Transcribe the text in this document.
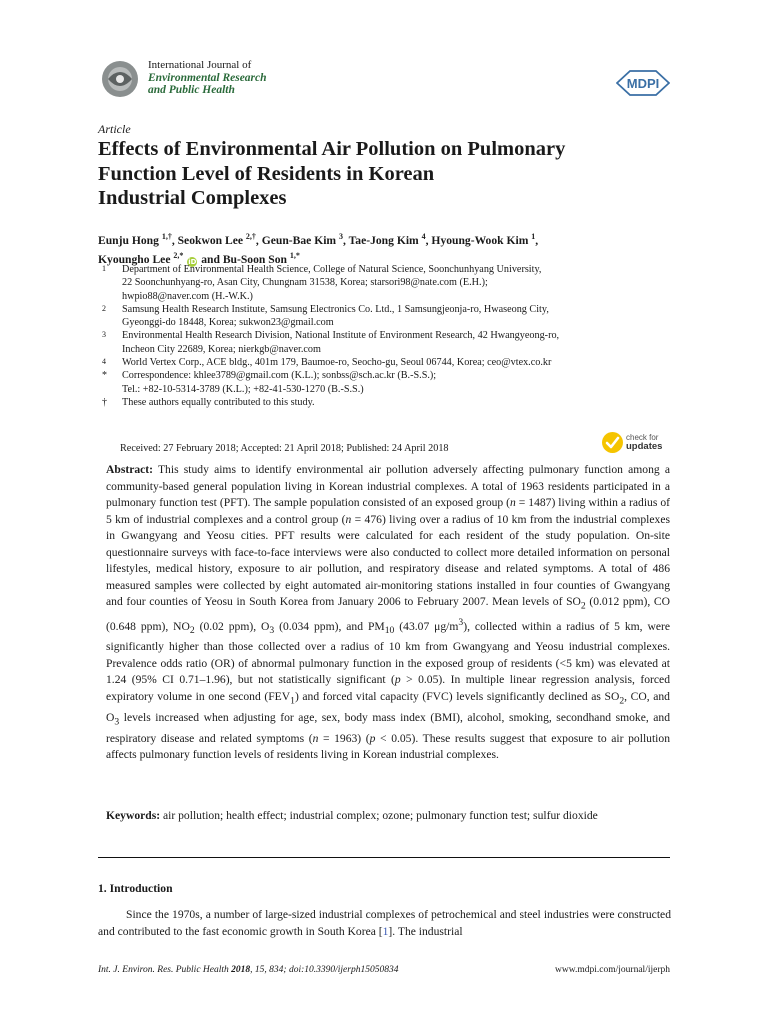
International Journal of
Environmental Research
and Public Health	MDPI
Article
Effects of Environmental Air Pollution on Pulmonary
Function Level of Residents in Korean
Industrial Complexes
Eunju Hong $^{1,\dagger}$, Seokwon Lee $^{2,\dagger}$, Geun-Bae Kim $^3$, Tae-Jong Kim $^4$, Hyoung-Wook Kim $^1$,
Kyoungho Lee $^{2,*}$ iD and Bu-Soon Son $^{1,*}$
1 Department of Environmental Health Science, College of Natural Science, Soonchunhyang University,
22 Soonchunhyang-ro, Asan City, Chungnam 31538, Korea; starsori98@nate.com (E.H.);
hwpio88@naver.com (H.-W.K.)
2 Samsung Health Research Institute, Samsung Electronics Co. Ltd., 1 Samsungjeonja-ro, Hwaseong City,
Gyeonggi-do 18448, Korea; sukwon23@gmail.com
3 Environmental Health Research Division, National Institute of Environment Research, 42 Hwangyeong-ro,
Incheon City 22689, Korea; nierkgb@naver.com
4 World Vertex Corp., ACE bldg., 401m 179, Baumoe-ro, Seocho-gu, Seoul 06744, Korea; ceo@vtex.co.kr
* Correspondence: khlee3789@gmail.com (K.L.); sonbss@sch.ac.kr (B.-S.S.);
Tel.: +82-10-5314-3789 (K.L.); +82-41-530-1270 (B.-S.S.)
† These authors equally contributed to this study.
Received: 27 February 2018; Accepted: 21 April 2018; Published: 24 April 2018
check for
updates
Abstract: This study aims to identify environmental air pollution adversely affecting pulmonary function among a community-based general population living in Korean industrial complexes. A total of 1963 residents participated in a pulmonary function test (PFT). The sample population consisted of an exposed group (n = 1487) living within a radius of 5 km of industrial complexes and a control group (n = 476) living over a radius of 10 km from the industrial complexes in Gwangyang and Yeosu cities. PFT results were calculated for each resident of the study population. On-site questionnaire surveys with face-to-face interviews were also conducted to collect more detailed information on personal lifestyles, medical history, exposure to air pollution, and respiratory disease and related symptoms. A total of 486 measured samples were collected by eight automated air-monitoring stations installed in four counties of Gwangyang and four counties of Yeosu in South Korea from January 2006 to February 2007. Mean levels of $SO_2$ (0.012 ppm), CO (0.648 ppm), $NO_2$ (0.02 ppm), $O_3$ (0.034 ppm), and $PM_{10}$ (43.07 $\mu g/m^3$), collected within a radius of 5 km, were significantly higher than those collected over a radius of 10 km from Gwangyang and Yeosu industrial complexes. Prevalence odds ratio (OR) of abnormal pulmonary function in the exposed group of residents (<5 km) was elevated at 1.24 (95% CI 0.71–1.96), but not statistically significant (p > 0.05). In multiple linear regression analysis, forced expiratory volume in one second $(FEV_1)$ and forced vital capacity (FVC) levels significantly declined as $SO_2$, CO, and $O_3$ levels increased when adjusting for age, sex, body mass index (BMI), alcohol, smoking, secondhand smoke, and respiratory disease and related symptoms (n = 1963) (p < 0.05). These results suggest that exposure to air pollution affects pulmonary function levels of residents living in Korean industrial complexes.
Keywords: air pollution; health effect; industrial complex; ozone; pulmonary function test; sulfur dioxide
1. Introduction
Since the 1970s, a number of large-sized industrial complexes of petrochemical and steel industries were constructed and contributed to the fast economic growth in South Korea [1]. The industrial
Int. J. Environ. Res. Public Health 2018, 15, 834; doi:10.3390/ijerph15050834	www.mdpi.com/journal/ijerph
